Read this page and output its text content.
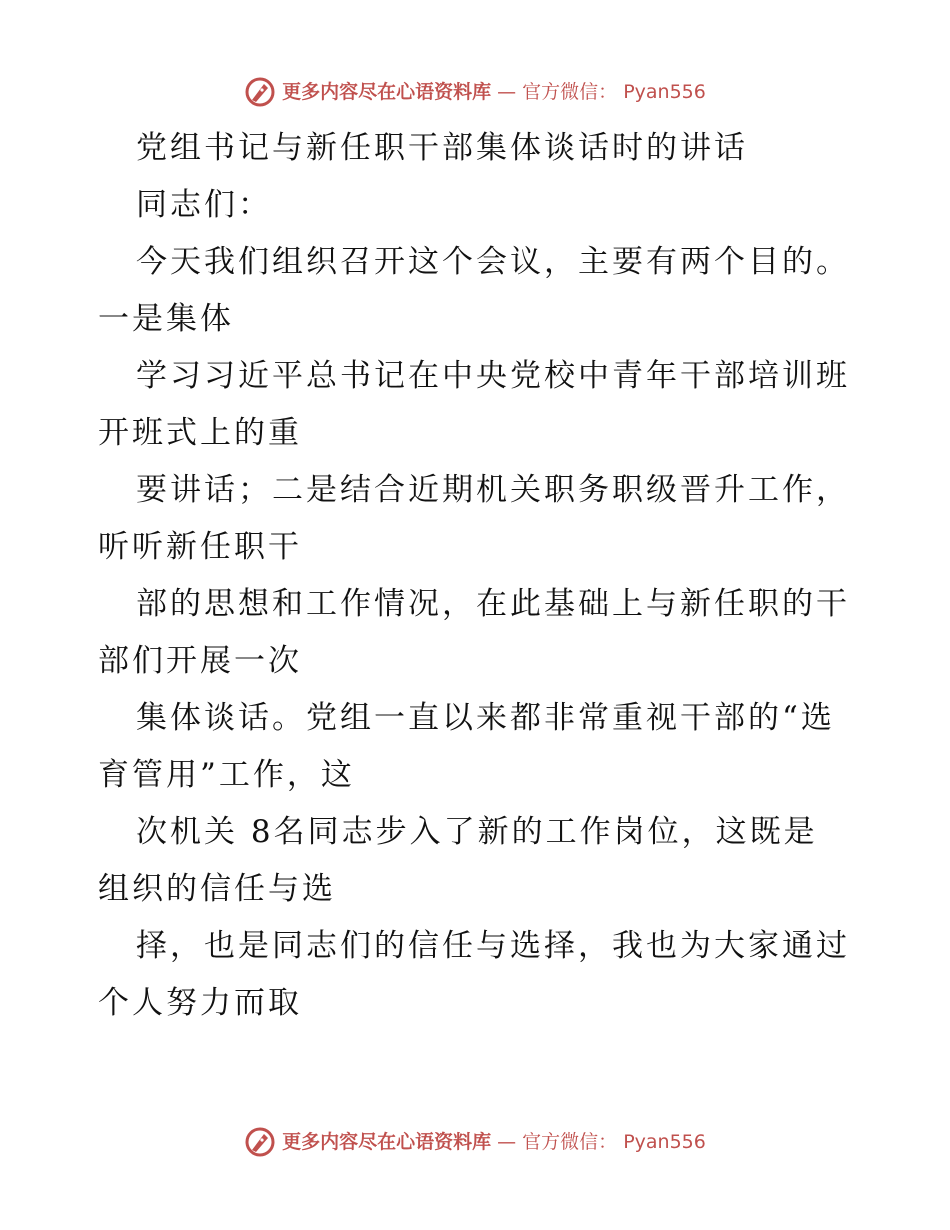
更多内容尽在心语资料库 — 官方微信： Pyan556

党组书记与新任职干部集体谈话时的讲话

同志们：

今天我们组织召开这个会议，主要有两个目的。

一是集体

学习习近平总书记在中央党校中青年干部培训班

开班式上的重

要讲话；二是结合近期机关职务职级晋升工作，

听听新任职干

部的思想和工作情况，在此基础上与新任职的干

部们开展一次

集体谈话。党组一直以来都非常重视干部的“选

育管用”工作，这

次机关 8名同志步入了新的工作岗位，这既是

组织的信任与选

择，也是同志们的信任与选择，我也为大家通过

个人努力而取

更多内容尽在心语资料库 — 官方微信： Pyan556
